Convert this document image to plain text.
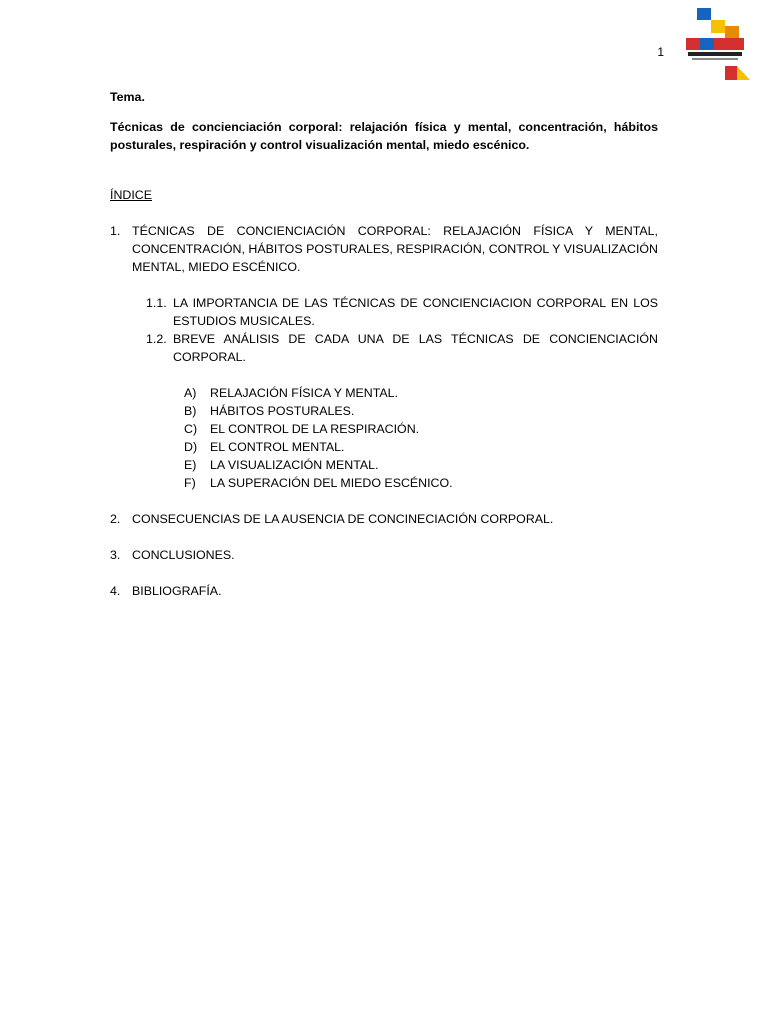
1
Tema.
Técnicas de concienciación corporal: relajación física y mental, concentración, hábitos posturales, respiración y control visualización mental, miedo escénico.
ÍNDICE
1. TÉCNICAS DE CONCIENCIACIÓN CORPORAL: RELAJACIÓN FÍSICA Y MENTAL, CONCENTRACIÓN, HÁBITOS POSTURALES, RESPIRACIÓN, CONTROL Y VISUALIZACIÓN MENTAL, MIEDO ESCÉNICO.
1.1. LA IMPORTANCIA DE LAS TÉCNICAS DE CONCIENCIACION CORPORAL EN LOS ESTUDIOS MUSICALES.
1.2. BREVE ANÁLISIS DE CADA UNA DE LAS TÉCNICAS DE CONCIENCIACIÓN CORPORAL.
A)	RELAJACIÓN FÍSICA Y MENTAL.
B)	HÁBITOS POSTURALES.
C)	EL CONTROL DE LA RESPIRACIÓN.
D)	EL CONTROL MENTAL.
E)	LA VISUALIZACIÓN MENTAL.
F)	LA SUPERACIÓN DEL MIEDO ESCÉNICO.
2. CONSECUENCIAS DE LA AUSENCIA DE CONCINECIACIÓN CORPORAL.
3. CONCLUSIONES.
4. BIBLIOGRAFÍA.
